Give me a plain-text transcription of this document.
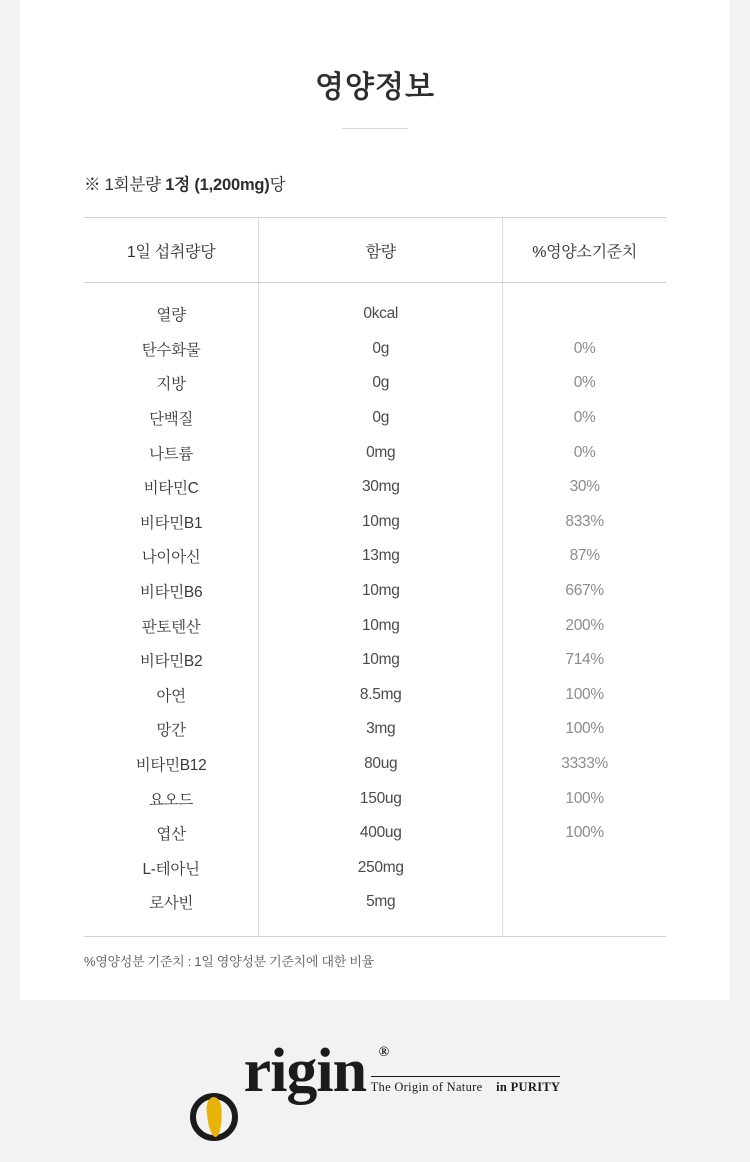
영양정보
※ 1회분량 1정 (1,200mg)당
1일 섭취량당	함량	%영양소기준치
열량	0kcal	
탄수화물	0g	0%
지방	0g	0%
단백질	0g	0%
나트륨	0mg	0%
비타민C	30mg	30%
비타민B1	10mg	833%
나이아신	13mg	87%
비타민B6	10mg	667%
판토텐산	10mg	200%
비타민B2	10mg	714%
아연	8.5mg	100%
망간	3mg	100%
비타민B12	80ug	3333%
요오드	150ug	100%
엽산	400ug	100%
L-테아닌	250mg	
로사빈	5mg	
%영양성분 기준치 : 1일 영양성분 기준치에 대한 비율
rigin ®
The Origin of Nature in PURITY
